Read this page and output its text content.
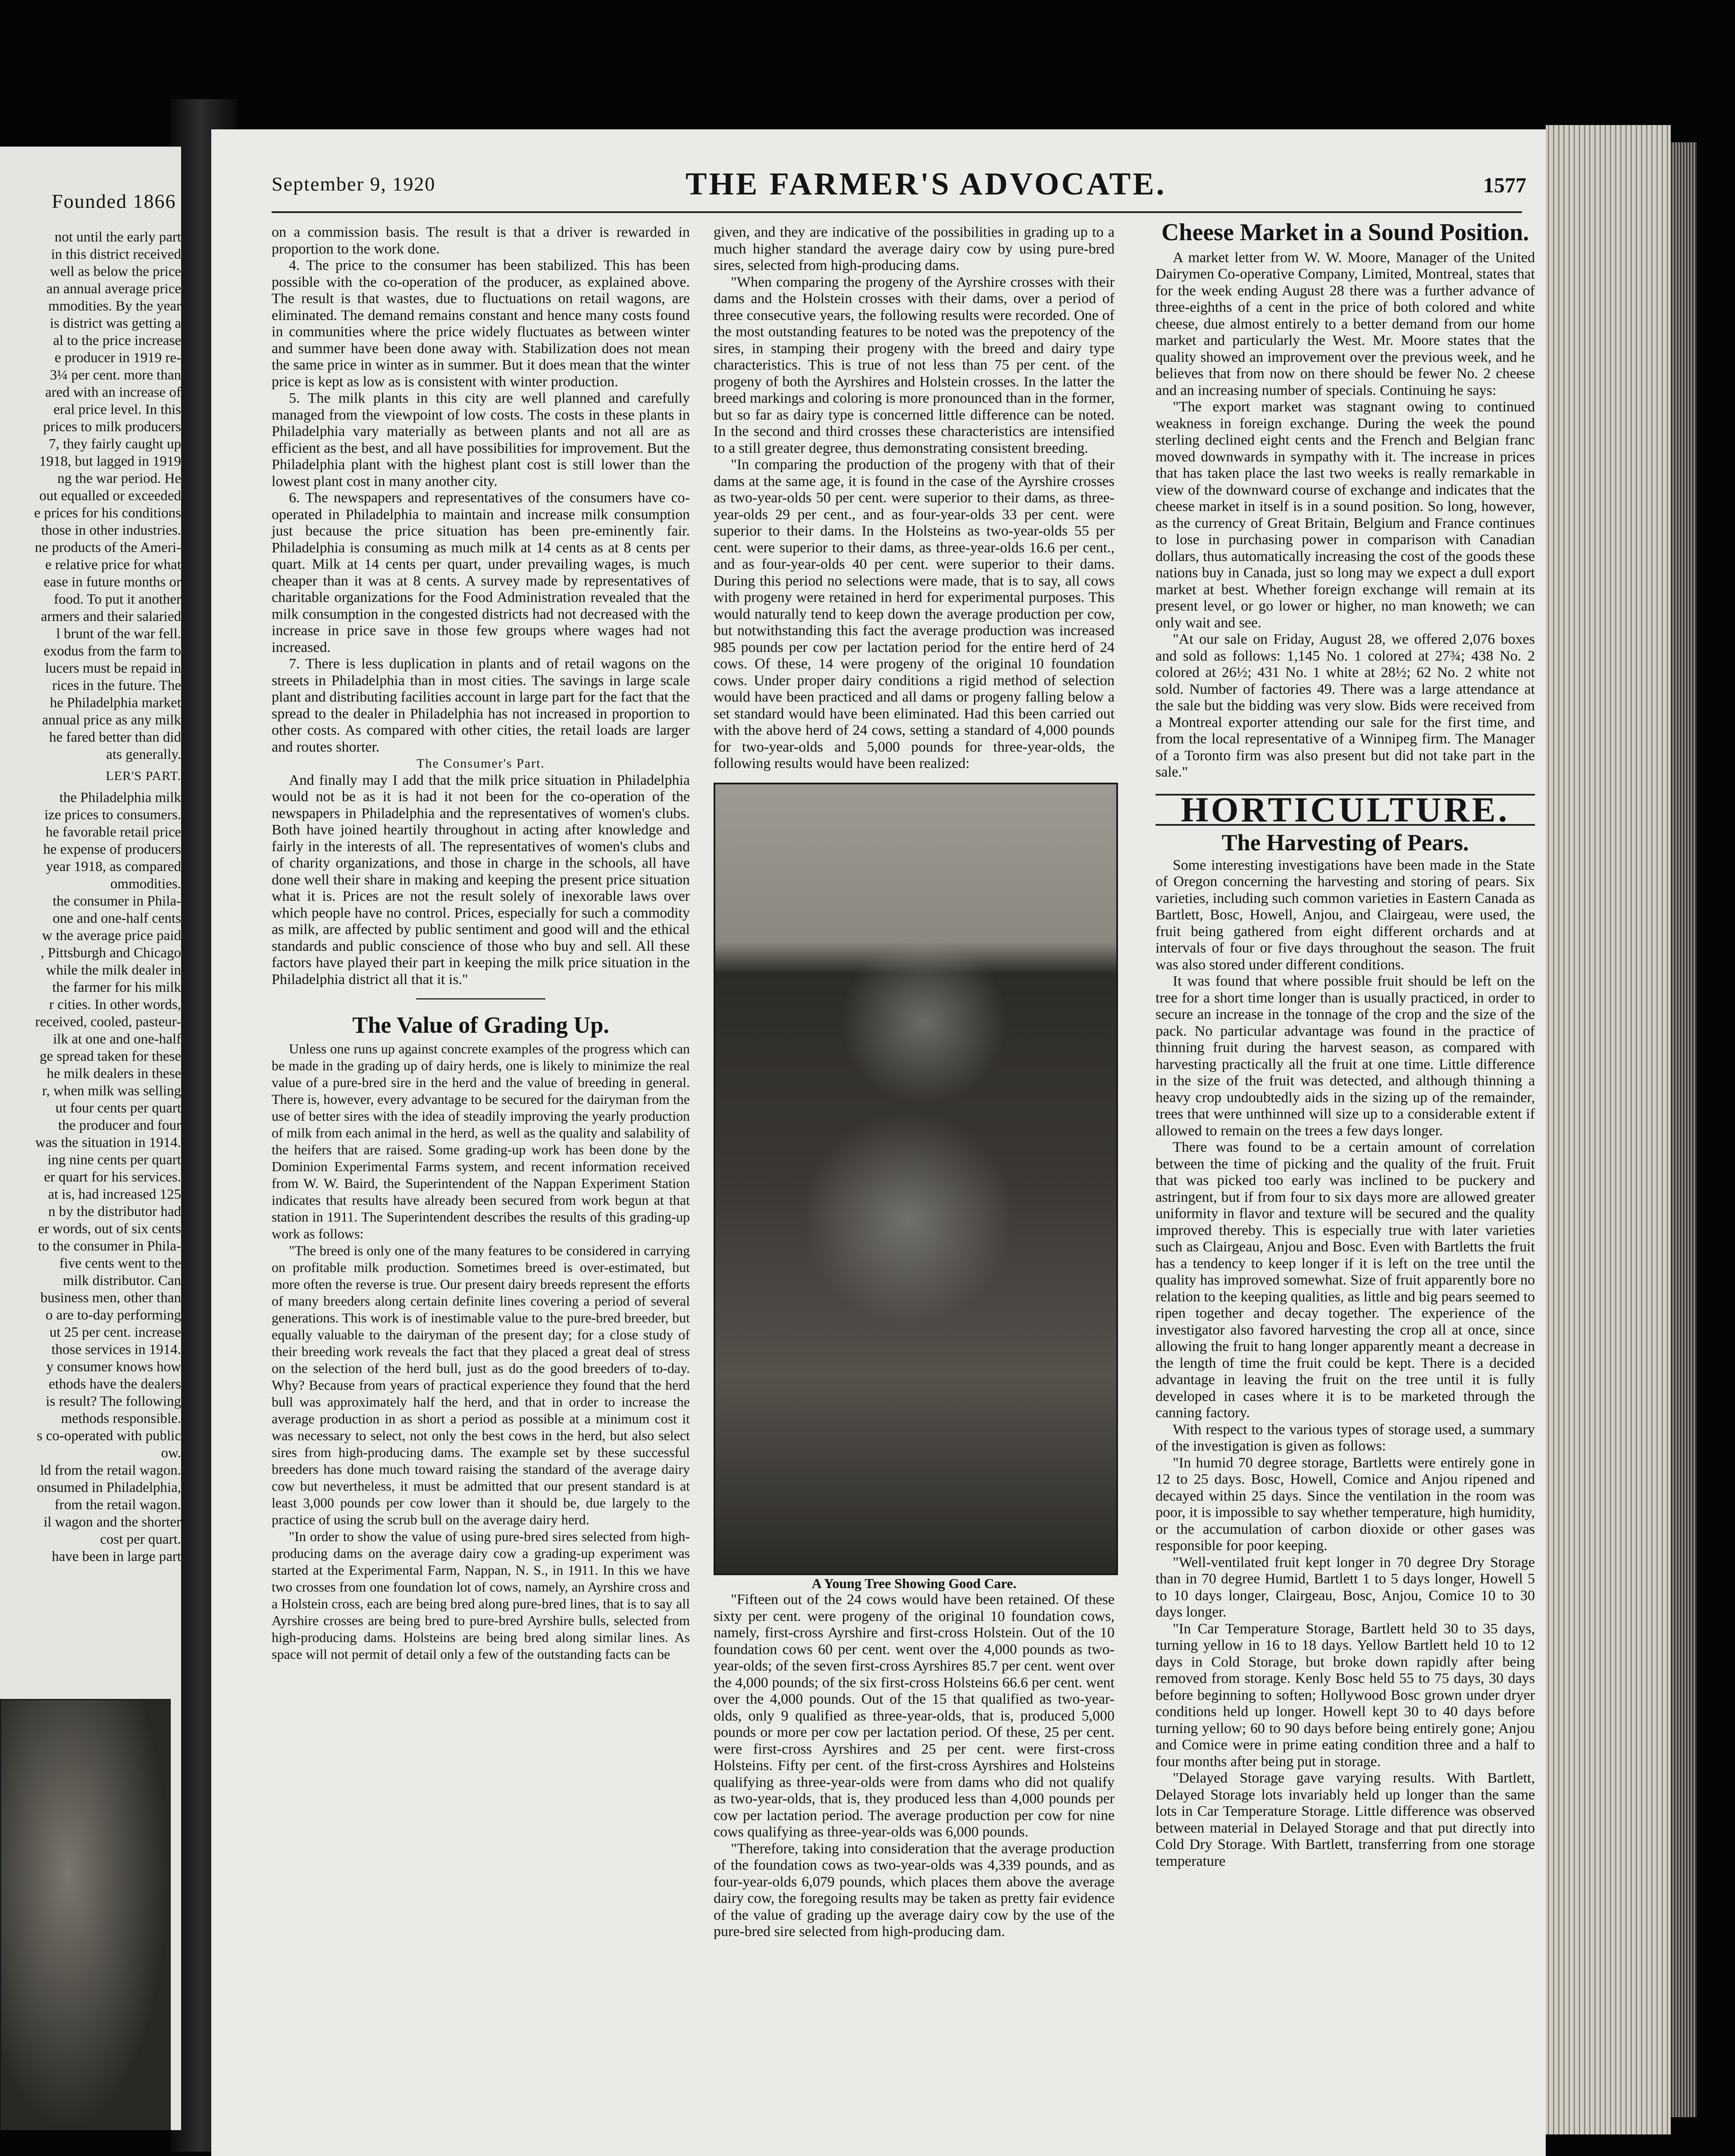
Founded 1866

not until the early part

in this district received

well as below the price

an annual average price

mmodities. By the year

is district was getting a

al to the price increase

e producer in 1919 re-

3¼ per cent. more than

ared with an increase of

eral price level. In this

prices to milk producers

7, they fairly caught up

1918, but lagged in 1919

ng the war period. He

out equalled or exceeded

e prices for his conditions

those in other industries.

ne products of the Ameri-

e relative price for what

ease in future months or

food. To put it another

armers and their salaried

l brunt of the war fell.

exodus from the farm to

lucers must be repaid in

rices in the future. The

he Philadelphia market

annual price as any milk

he fared better than did

ats generally.

LER'S PART.

the Philadelphia milk

ize prices to consumers.

he favorable retail price

he expense of producers

year 1918, as compared

ommodities.

the consumer in Phila-

one and one-half cents

w the average price paid

, Pittsburgh and Chicago

while the milk dealer in

the farmer for his milk

r cities. In other words,

received, cooled, pasteur-

ilk at one and one-half

ge spread taken for these

he milk dealers in these

r, when milk was selling

ut four cents per quart

the producer and four

was the situation in 1914.

ing nine cents per quart

er quart for his services.

at is, had increased 125

n by the distributor had

er words, out of six cents

to the consumer in Phila-

five cents went to the

milk distributor. Can

business men, other than

o are to-day performing

ut 25 per cent. increase

those services in 1914.

y consumer knows how

ethods have the dealers

is result? The following

methods responsible.

s co-operated with public

ow.

ld from the retail wagon.

onsumed in Philadelphia,

from the retail wagon.

il wagon and the shorter

cost per quart.

have been in large part

September 9, 1920	THE FARMER'S ADVOCATE.	1577

on a commission basis. The result is that a driver is rewarded in proportion to the work done.

4. The price to the consumer has been stabilized. This has been possible with the co-operation of the producer, as explained above. The result is that wastes, due to fluctuations on retail wagons, are eliminated. The demand remains constant and hence many costs found in communities where the price widely fluctuates as between winter and summer have been done away with. Stabilization does not mean the same price in winter as in summer. But it does mean that the winter price is kept as low as is consistent with winter production.

5. The milk plants in this city are well planned and carefully managed from the viewpoint of low costs. The costs in these plants in Philadelphia vary materially as between plants and not all are as efficient as the best, and all have possibilities for improvement. But the Philadelphia plant with the highest plant cost is still lower than the lowest plant cost in many another city.

6. The newspapers and representatives of the consumers have co-operated in Philadelphia to maintain and increase milk consumption just because the price situation has been pre-eminently fair. Philadelphia is consuming as much milk at 14 cents as at 8 cents per quart. Milk at 14 cents per quart, under prevailing wages, is much cheaper than it was at 8 cents. A survey made by representatives of charitable organizations for the Food Administration revealed that the milk consumption in the congested districts had not decreased with the increase in price save in those few groups where wages had not increased.

7. There is less duplication in plants and of retail wagons on the streets in Philadelphia than in most cities. The savings in large scale plant and distributing facilities account in large part for the fact that the spread to the dealer in Philadelphia has not increased in proportion to other costs. As compared with other cities, the retail loads are larger and routes shorter.

The Consumer's Part.

And finally may I add that the milk price situation in Philadelphia would not be as it is had it not been for the co-operation of the newspapers in Philadelphia and the representatives of women's clubs. Both have joined heartily throughout in acting after knowledge and fairly in the interests of all. The representatives of women's clubs and of charity organizations, and those in charge in the schools, all have done well their share in making and keeping the present price situation what it is. Prices are not the result solely of inexorable laws over which people have no control. Prices, especially for such a commodity as milk, are affected by public sentiment and good will and the ethical standards and public conscience of those who buy and sell. All these factors have played their part in keeping the milk price situation in the Philadelphia district all that it is."

The Value of Grading Up.

Unless one runs up against concrete examples of the progress which can be made in the grading up of dairy herds, one is likely to minimize the real value of a pure-bred sire in the herd and the value of breeding in general. There is, however, every advantage to be secured for the dairyman from the use of better sires with the idea of steadily improving the yearly production of milk from each animal in the herd, as well as the quality and salability of the heifers that are raised. Some grading-up work has been done by the Dominion Experimental Farms system, and recent information received from W. W. Baird, the Superintendent of the Nappan Experiment Station indicates that results have already been secured from work begun at that station in 1911. The Superintendent describes the results of this grading-up work as follows:

"The breed is only one of the many features to be considered in carrying on profitable milk production. Sometimes breed is over-estimated, but more often the reverse is true. Our present dairy breeds represent the efforts of many breeders along certain definite lines covering a period of several generations. This work is of inestimable value to the pure-bred breeder, but equally valuable to the dairyman of the present day; for a close study of their breeding work reveals the fact that they placed a great deal of stress on the selection of the herd bull, just as do the good breeders of to-day. Why? Because from years of practical experience they found that the herd bull was approximately half the herd, and that in order to increase the average production in as short a period as possible at a minimum cost it was necessary to select, not only the best cows in the herd, but also select sires from high-producing dams. The example set by these successful breeders has done much toward raising the standard of the average dairy cow but nevertheless, it must be admitted that our present standard is at least 3,000 pounds per cow lower than it should be, due largely to the practice of using the scrub bull on the average dairy herd.

"In order to show the value of using pure-bred sires selected from high-producing dams on the average dairy cow a grading-up experiment was started at the Experimental Farm, Nappan, N. S., in 1911. In this we have two crosses from one foundation lot of cows, namely, an Ayrshire cross and a Holstein cross, each are being bred along pure-bred lines, that is to say all Ayrshire crosses are being bred to pure-bred Ayrshire bulls, selected from high-producing dams. Holsteins are being bred along similar lines. As space will not permit of detail only a few of the outstanding facts can be

given, and they are indicative of the possibilities in grading up to a much higher standard the average dairy cow by using pure-bred sires, selected from high-producing dams.

"When comparing the progeny of the Ayrshire crosses with their dams and the Holstein crosses with their dams, over a period of three consecutive years, the following results were recorded. One of the most outstanding features to be noted was the prepotency of the sires, in stamping their progeny with the breed and dairy type characteristics. This is true of not less than 75 per cent. of the progeny of both the Ayrshires and Holstein crosses. In the latter the breed markings and coloring is more pronounced than in the former, but so far as dairy type is concerned little difference can be noted. In the second and third crosses these characteristics are intensified to a still greater degree, thus demonstrating consistent breeding.

"In comparing the production of the progeny with that of their dams at the same age, it is found in the case of the Ayrshire crosses as two-year-olds 50 per cent. were superior to their dams, as three-year-olds 29 per cent., and as four-year-olds 33 per cent. were superior to their dams. In the Holsteins as two-year-olds 55 per cent. were superior to their dams, as three-year-olds 16.6 per cent., and as four-year-olds 40 per cent. were superior to their dams. During this period no selections were made, that is to say, all cows with progeny were retained in herd for experimental purposes. This would naturally tend to keep down the average production per cow, but notwithstanding this fact the average production was increased 985 pounds per cow per lactation period for the entire herd of 24 cows. Of these, 14 were progeny of the original 10 foundation cows. Under proper dairy conditions a rigid method of selection would have been practiced and all dams or progeny falling below a set standard would have been eliminated. Had this been carried out with the above herd of 24 cows, setting a standard of 4,000 pounds for two-year-olds and 5,000 pounds for three-year-olds, the following results would have been realized:

A Young Tree Showing Good Care.

"Fifteen out of the 24 cows would have been retained. Of these sixty per cent. were progeny of the original 10 foundation cows, namely, first-cross Ayrshire and first-cross Holstein. Out of the 10 foundation cows 60 per cent. went over the 4,000 pounds as two-year-olds; of the seven first-cross Ayrshires 85.7 per cent. went over the 4,000 pounds; of the six first-cross Holsteins 66.6 per cent. went over the 4,000 pounds. Out of the 15 that qualified as two-year-olds, only 9 qualified as three-year-olds, that is, produced 5,000 pounds or more per cow per lactation period. Of these, 25 per cent. were first-cross Ayrshires and 25 per cent. were first-cross Holsteins. Fifty per cent. of the first-cross Ayrshires and Holsteins qualifying as three-year-olds were from dams who did not qualify as two-year-olds, that is, they produced less than 4,000 pounds per cow per lactation period. The average production per cow for nine cows qualifying as three-year-olds was 6,000 pounds.

"Therefore, taking into consideration that the average production of the foundation cows as two-year-olds was 4,339 pounds, and as four-year-olds 6,079 pounds, which places them above the average dairy cow, the foregoing results may be taken as pretty fair evidence of the value of grading up the average dairy cow by the use of the pure-bred sire selected from high-producing dam.

Cheese Market in a Sound Position.

A market letter from W. W. Moore, Manager of the United Dairymen Co-operative Company, Limited, Montreal, states that for the week ending August 28 there was a further advance of three-eighths of a cent in the price of both colored and white cheese, due almost entirely to a better demand from our home market and particularly the West. Mr. Moore states that the quality showed an improvement over the previous week, and he believes that from now on there should be fewer No. 2 cheese and an increasing number of specials. Continuing he says:

"The export market was stagnant owing to continued weakness in foreign exchange. During the week the pound sterling declined eight cents and the French and Belgian franc moved downwards in sympathy with it. The increase in prices that has taken place the last two weeks is really remarkable in view of the downward course of exchange and indicates that the cheese market in itself is in a sound position. So long, however, as the currency of Great Britain, Belgium and France continues to lose in purchasing power in comparison with Canadian dollars, thus automatically increasing the cost of the goods these nations buy in Canada, just so long may we expect a dull export market at best. Whether foreign exchange will remain at its present level, or go lower or higher, no man knoweth; we can only wait and see.

"At our sale on Friday, August 28, we offered 2,076 boxes and sold as follows: 1,145 No. 1 colored at 27¾; 438 No. 2 colored at 26½; 431 No. 1 white at 28½; 62 No. 2 white not sold. Number of factories 49. There was a large attendance at the sale but the bidding was very slow. Bids were received from a Montreal exporter attending our sale for the first time, and from the local representative of a Winnipeg firm. The Manager of a Toronto firm was also present but did not take part in the sale."

HORTICULTURE.
The Harvesting of Pears.

Some interesting investigations have been made in the State of Oregon concerning the harvesting and storing of pears. Six varieties, including such common varieties in Eastern Canada as Bartlett, Bosc, Howell, Anjou, and Clairgeau, were used, the fruit being gathered from eight different orchards and at intervals of four or five days throughout the season. The fruit was also stored under different conditions.

It was found that where possible fruit should be left on the tree for a short time longer than is usually practiced, in order to secure an increase in the tonnage of the crop and the size of the pack. No particular advantage was found in the practice of thinning fruit during the harvest season, as compared with harvesting practically all the fruit at one time. Little difference in the size of the fruit was detected, and although thinning a heavy crop undoubtedly aids in the sizing up of the remainder, trees that were unthinned will size up to a considerable extent if allowed to remain on the trees a few days longer.

There was found to be a certain amount of correlation between the time of picking and the quality of the fruit. Fruit that was picked too early was inclined to be puckery and astringent, but if from four to six days more are allowed greater uniformity in flavor and texture will be secured and the quality improved thereby. This is especially true with later varieties such as Clairgeau, Anjou and Bosc. Even with Bartletts the fruit has a tendency to keep longer if it is left on the tree until the quality has improved somewhat. Size of fruit apparently bore no relation to the keeping qualities, as little and big pears seemed to ripen together and decay together. The experience of the investigator also favored harvesting the crop all at once, since allowing the fruit to hang longer apparently meant a decrease in the length of time the fruit could be kept. There is a decided advantage in leaving the fruit on the tree until it is fully developed in cases where it is to be marketed through the canning factory.

With respect to the various types of storage used, a summary of the investigation is given as follows:

"In humid 70 degree storage, Bartletts were entirely gone in 12 to 25 days. Bosc, Howell, Comice and Anjou ripened and decayed within 25 days. Since the ventilation in the room was poor, it is impossible to say whether temperature, high humidity, or the accumulation of carbon dioxide or other gases was responsible for poor keeping.

"Well-ventilated fruit kept longer in 70 degree Dry Storage than in 70 degree Humid, Bartlett 1 to 5 days longer, Howell 5 to 10 days longer, Clairgeau, Bosc, Anjou, Comice 10 to 30 days longer.

"In Car Temperature Storage, Bartlett held 30 to 35 days, turning yellow in 16 to 18 days. Yellow Bartlett held 10 to 12 days in Cold Storage, but broke down rapidly after being removed from storage. Kenly Bosc held 55 to 75 days, 30 days before beginning to soften; Hollywood Bosc grown under dryer conditions held up longer. Howell kept 30 to 40 days before turning yellow; 60 to 90 days before being entirely gone; Anjou and Comice were in prime eating condition three and a half to four months after being put in storage.

"Delayed Storage gave varying results. With Bartlett, Delayed Storage lots invariably held up longer than the same lots in Car Temperature Storage. Little difference was observed between material in Delayed Storage and that put directly into Cold Dry Storage. With Bartlett, transferring from one storage temperature
